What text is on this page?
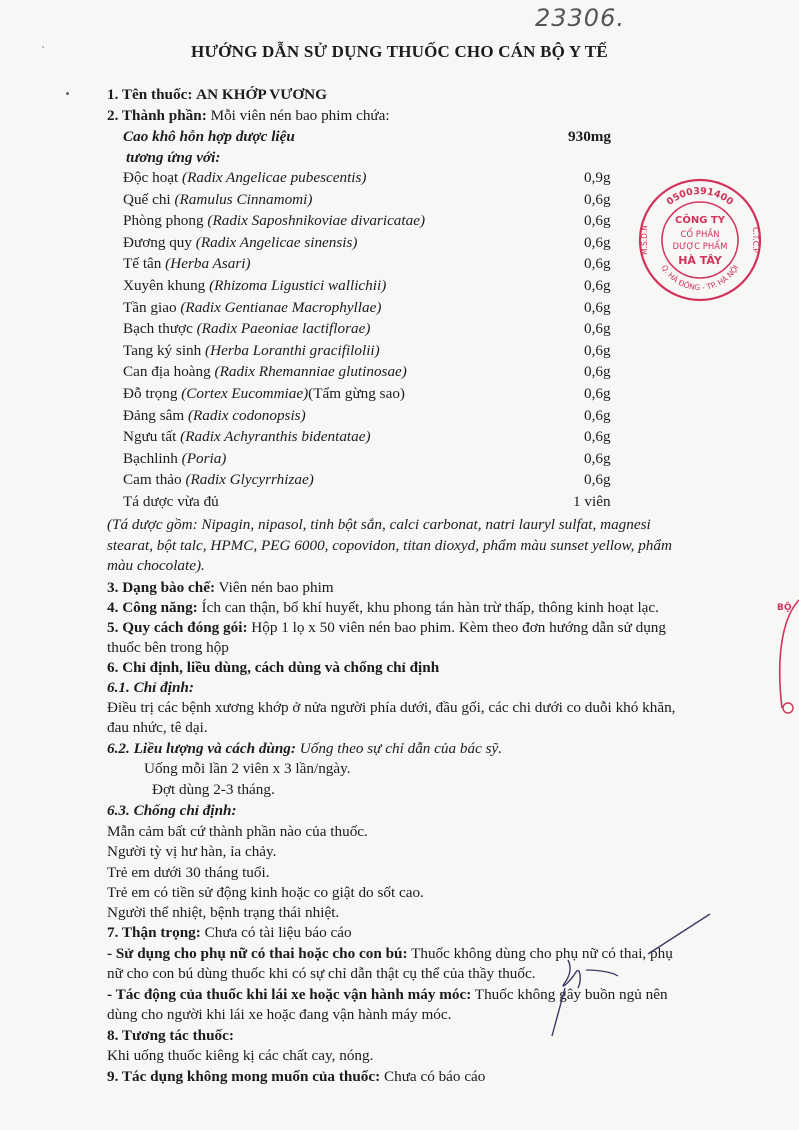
23306.
HƯỚNG DẪN SỬ DỤNG THUỐC CHO CÁN BỘ Y TẾ
1. Tên thuốc: AN KHỚP VƯƠNG
2. Thành phần: Mỗi viên nén bao phim chứa:
Cao khô hỗn hợp dược liệu	930mg
tương ứng với:
Độc hoạt (Radix Angelicae pubescentis)	0,9g
Quế chi (Ramulus Cinnamomi)	0,6g
Phòng phong (Radix Saposhnikoviae divaricatae)	0,6g
Đương quy (Radix Angelicae sinensis)	0,6g
Tế tân (Herba Asari)	0,6g
Xuyên khung (Rhizoma Ligustici wallichii)	0,6g
Tần giao (Radix Gentianae Macrophyllae)	0,6g
Bạch thược (Radix Paeoniae lactiflorae)	0,6g
Tang ký sinh (Herba Loranthi gracifilolii)	0,6g
Can địa hoàng (Radix Rhemanniae glutinosae)	0,6g
Đỗ trọng (Cortex Eucommiae)(Tẩm gừng sao)	0,6g
Đảng sâm (Radix codonopsis)	0,6g
Ngưu tất (Radix Achyranthis bidentatae)	0,6g
Bạchlinh (Poria)	0,6g
Cam thảo (Radix Glycyrrhizae)	0,6g
Tá dược vừa đủ	1 viên
(Tá dược gồm: Nipagin, nipasol, tinh bột sắn, calci carbonat, natri lauryl sulfat, magnesi
stearat, bột talc, HPMC, PEG 6000, copovidon, titan dioxyd, phẩm màu sunset yellow, phẩm
màu chocolate).
3. Dạng bào chế: Viên nén bao phim
4. Công năng: Ích can thận, bổ khí huyết, khu phong tán hàn trừ thấp, thông kinh hoạt lạc.
5. Quy cách đóng gói: Hộp 1 lọ x 50 viên nén bao phim. Kèm theo đơn hướng dẫn sử dụng
thuốc bên trong hộp
6. Chỉ định, liều dùng, cách dùng và chống chỉ định
6.1. Chỉ định:
Điều trị các bệnh xương khớp ở nửa người phía dưới, đầu gối, các chi dưới co duỗi khó khăn,
đau nhức, tê dại.
6.2. Liều lượng và cách dùng: Uống theo sự chỉ dẫn của bác sỹ.
Uống mỗi lần 2 viên x 3 lần/ngày.
Đợt dùng 2-3 tháng.
6.3. Chống chỉ định:
Mẫn cảm bất cứ thành phần nào của thuốc.
Người tỳ vị hư hàn, ỉa chảy.
Trẻ em dưới 30 tháng tuổi.
Trẻ em có tiền sử động kinh hoặc co giật do sốt cao.
Người thể nhiệt, bệnh trạng thái nhiệt.
7. Thận trọng: Chưa có tài liệu báo cáo
- Sử dụng cho phụ nữ có thai hoặc cho con bú: Thuốc không dùng cho phụ nữ có thai, phụ
nữ cho con bú dùng thuốc khi có sự chỉ dẫn thật cụ thể của thầy thuốc.
- Tác động của thuốc khi lái xe hoặc vận hành máy móc: Thuốc không gây buồn ngủ nên
dùng cho người khi lái xe hoặc đang vận hành máy móc.
8. Tương tác thuốc:
Khi uống thuốc kiêng kị các chất cay, nóng.
9. Tác dụng không mong muốn của thuốc: Chưa có báo cáo
0500391400
Q. HÀ ĐÔNG - TP. HÀ NỘI
M.S.D.N	C.T.C.P
CÔNG TY
CỔ PHẦN
DƯỢC PHẨM
HÀ TÂY
BỘ
